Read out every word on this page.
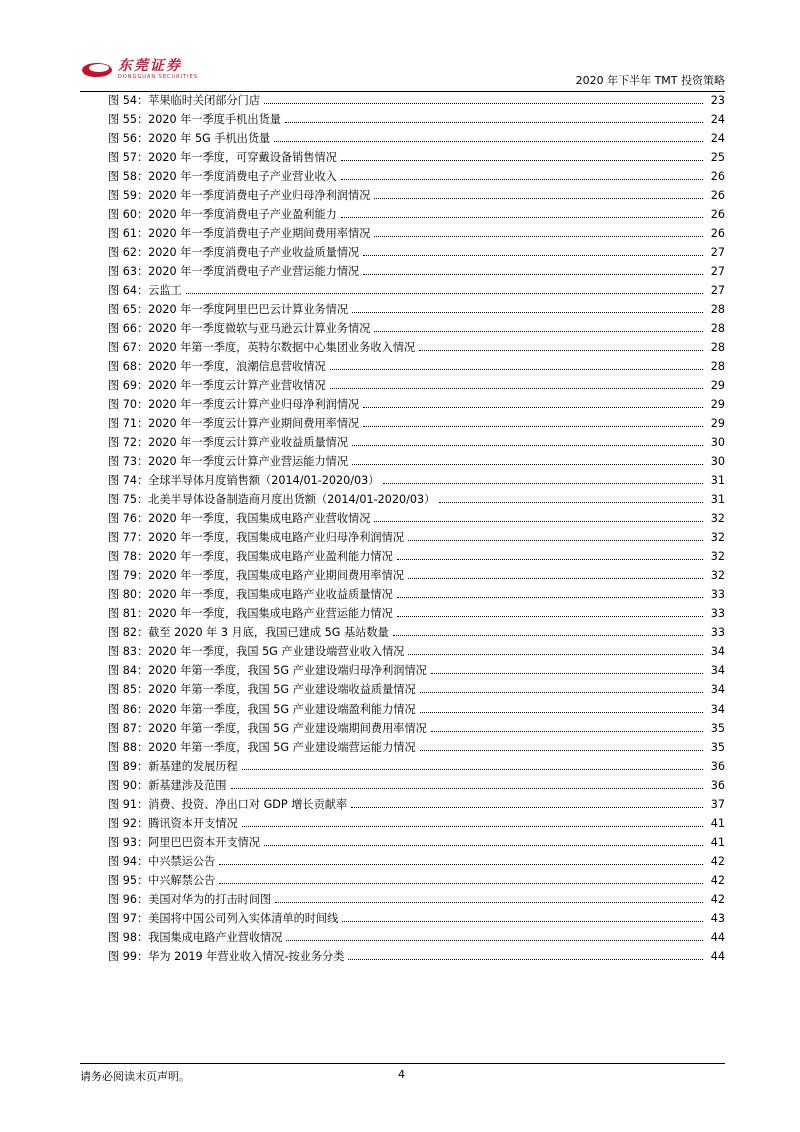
东莞证券
DONGGUAN SECURITIES	2020 年下半年 TMT 投资策略
图 54： 苹果临时关闭部分门店	23
图 55： 2020 年一季度手机出货量	24
图 56： 2020 年 5G 手机出货量	24
图 57： 2020 年一季度，可穿戴设备销售情况	25
图 58： 2020 年一季度消费电子产业营业收入	26
图 59： 2020 年一季度消费电子产业归母净利润情况	26
图 60： 2020 年一季度消费电子产业盈利能力	26
图 61： 2020 年一季度消费电子产业期间费用率情况	26
图 62： 2020 年一季度消费电子产业收益质量情况	27
图 63： 2020 年一季度消费电子产业营运能力情况	27
图 64： 云监工	27
图 65： 2020 年一季度阿里巴巴云计算业务情况	28
图 66： 2020 年一季度微软与亚马逊云计算业务情况	28
图 67： 2020 年第一季度，英特尔数据中心集团业务收入情况	28
图 68： 2020 年一季度，浪潮信息营收情况	28
图 69： 2020 年一季度云计算产业营收情况	29
图 70： 2020 年一季度云计算产业归母净利润情况	29
图 71： 2020 年一季度云计算产业期间费用率情况	29
图 72： 2020 年一季度云计算产业收益质量情况	30
图 73： 2020 年一季度云计算产业营运能力情况	30
图 74： 全球半导体月度销售额（2014/01-2020/03）	31
图 75： 北美半导体设备制造商月度出货额（2014/01-2020/03）	31
图 76： 2020 年一季度，我国集成电路产业营收情况	32
图 77： 2020 年一季度，我国集成电路产业归母净利润情况	32
图 78： 2020 年一季度，我国集成电路产业盈利能力情况	32
图 79： 2020 年一季度，我国集成电路产业期间费用率情况	32
图 80： 2020 年一季度，我国集成电路产业收益质量情况	33
图 81： 2020 年一季度，我国集成电路产业营运能力情况	33
图 82： 截至 2020 年 3 月底，我国已建成 5G 基站数量	33
图 83： 2020 年一季度，我国 5G 产业建设端营业收入情况	34
图 84： 2020 年第一季度，我国 5G 产业建设端归母净利润情况	34
图 85： 2020 年第一季度，我国 5G 产业建设端收益质量情况	34
图 86： 2020 年第一季度，我国 5G 产业建设端盈利能力情况	34
图 87： 2020 年第一季度，我国 5G 产业建设端期间费用率情况	35
图 88： 2020 年第一季度，我国 5G 产业建设端营运能力情况	35
图 89： 新基建的发展历程	36
图 90： 新基建涉及范围	36
图 91： 消费、投资、净出口对 GDP 增长贡献率	37
图 92： 腾讯资本开支情况	41
图 93： 阿里巴巴资本开支情况	41
图 94： 中兴禁运公告	42
图 95： 中兴解禁公告	42
图 96： 美国对华为的打击时间图	42
图 97： 美国将中国公司列入实体清单的时间线	43
图 98： 我国集成电路产业营收情况	44
图 99： 华为 2019 年营业收入情况-按业务分类	44
请务必阅读末页声明。	4
